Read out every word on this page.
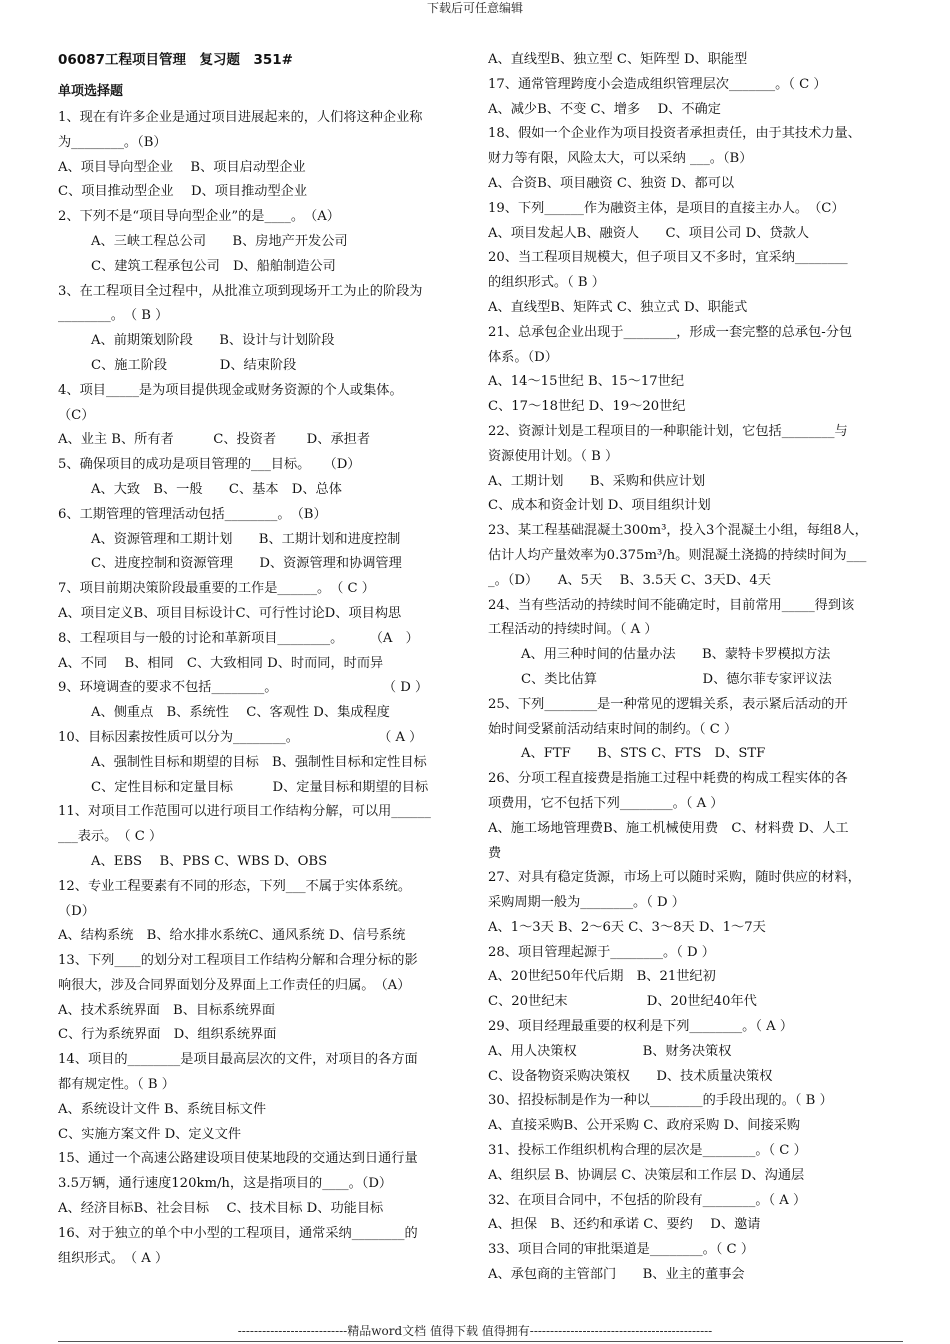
下载后可任意编辑
06087工程项目管理　复习题　351#
单项选择题
1、现在有许多企业是通过项目进展起来的，人们将这种企业称
为________。（B）
A、项目导向型企业　 B、项目启动型企业
C、项目推动型企业　 D、项目推动型企业
2、下列不是“项目导向型企业”的是____。　（A）
A、三峡工程总公司　　B、房地产开发公司
C、建筑工程承包公司　D、船舶制造公司
3、在工程项目全过程中，从批准立项到现场开工为止的阶段为
________。　（ B ）
A、前期策划阶段　　B、设计与计划阶段
C、施工阶段　　　　D、结束阶段
4、项目_____是为项目提供现金或财务资源的个人或集体。
（C）
A、业主 B、所有者　　　C、投资者　　 D、承担者
5、确保项目的成功是项目管理的___目标。　　（D）
A、大致　B、一般　　C、基本　D、总体
6、工期管理的管理活动包括________。　（B）
A、资源管理和工期计划　　B、工期计划和进度控制
C、进度控制和资源管理　　D、资源管理和协调管理
7、项目前期决策阶段最重要的工作是______。　（ C ）
A、项目定义B、项目目标设计C、可行性讨论D、项目构思
8、工程项目与一般的讨论和革新项目________。　　　（A　）
A、不同　 B、相同　C、大致相同 D、时而同，时而异
9、环境调查的要求不包括________。　　　　　　　　　（ D ）
A、侧重点　B、系统性　 C、客观性 D、集成程度
10、目标因素按性质可以分为________。　　　　　　　（ A ）
A、强制性目标和期望的目标　B、强制性目标和定性目标
C、定性目标和定量目标　　　D、定量目标和期望的目标
11、对项目工作范围可以进行项目工作结构分解，可以用______
___表示。　（ C ）
A、EBS　 B、PBS C、WBS D、OBS
12、专业工程要素有不同的形态，下列___不属于实体系统。
（D）
A、结构系统　B、给水排水系统C、通风系统 D、信号系统
13、下列____的划分对工程项目工作结构分解和合理分标的影
响很大，涉及合同界面划分及界面上工作责任的归属。　（A）
A、技术系统界面　B、目标系统界面
C、行为系统界面　D、组织系统界面
14、项目的________是项目最高层次的文件，对项目的各方面
都有规定性。（ B ）
A、系统设计文件 B、系统目标文件
C、实施方案文件 D、定义文件
15、通过一个高速公路建设项目使某地段的交通达到日通行量
3.5万辆，通行速度120km/h，这是指项目的____。（D）
A、经济目标B、社会目标　 C、技术目标 D、功能目标
16、对于独立的单个中小型的工程项目，通常采纳________的
组织形式。　（ A ）
A、直线型B、独立型 C、矩阵型 D、职能型
17、通常管理跨度小会造成组织管理层次_______。（ C ）
A、减少B、不变 C、增多　 D、不确定
18、假如一个企业作为项目投资者承担责任，由于其技术力量、
财力等有限，风险太大，可以采纳 ___。（B）
A、合资B、项目融资 C、独资 D、都可以
19、下列______作为融资主体，是项目的直接主办人。　（C）
A、项目发起人B、融资人　　C、项目公司 D、贷款人
20、当工程项目规模大，但子项目又不多时，宜采纳________
的组织形式。（ B ）
A、直线型B、矩阵式 C、独立式 D、职能式
21、总承包企业出现于________，形成一套完整的总承包-分包
体系。（D）
A、14～15世纪 B、15～17世纪
C、17～18世纪 D、19～20世纪
22、资源计划是工程项目的一种职能计划，它包括________与
资源使用计划。（ B ）
A、工期计划　　B、采购和供应计划
C、成本和资金计划 D、项目组织计划
23、某工程基础混凝土300m³，投入3个混凝土小组，每组8人，
估计人均产量效率为0.375m³/h。则混凝土浇捣的持续时间为___
_。（D）　　A、5天　 B、3.5天 C、3天D、4天
24、当有些活动的持续时间不能确定时，目前常用_____得到该
工程活动的持续时间。（ A ）
A、用三种时间的估量办法　　B、蒙特卡罗模拟方法
C、类比估算　　　　　　　　D、德尔菲专家评议法
25、下列________是一种常见的逻辑关系，表示紧后活动的开
始时间受紧前活动结束时间的制约。（ C ）
A、FTF　　B、STS C、FTS　D、STF
26、分项工程直接费是指施工过程中耗费的构成工程实体的各
项费用，它不包括下列________。（ A ）
A、施工场地管理费B、施工机械使用费　C、材料费 D、人工
费
27、对具有稳定货源，市场上可以随时采购，随时供应的材料，
采购周期一般为________。（ D ）
A、1～3天 B、2～6天 C、3～8天 D、1～7天
28、项目管理起源于________。（ D ）
A、20世纪50年代后期　B、21世纪初
C、20世纪末　　　　　　D、20世纪40年代
29、项目经理最重要的权利是下列________。（ A ）
A、用人决策权　　　　　B、财务决策权
C、设备物资采购决策权　　D、技术质量决策权
30、招投标制是作为一种以________的手段出现的。（ B ）
A、直接采购B、公开采购 C、政府采购 D、间接采购
31、投标工作组织机构合理的层次是________。（ C ）
A、组织层 B、协调层 C、决策层和工作层 D、沟通层
32、在项目合同中，不包括的阶段有________。（ A ）
A、担保　B、还约和承诺 C、要约　 D、邀请
33、项目合同的审批渠道是________。（ C ）
A、承包商的主管部门　　B、业主的董事会
---------------------------精品word文档 值得下载 值得拥有---------------------------------------------
